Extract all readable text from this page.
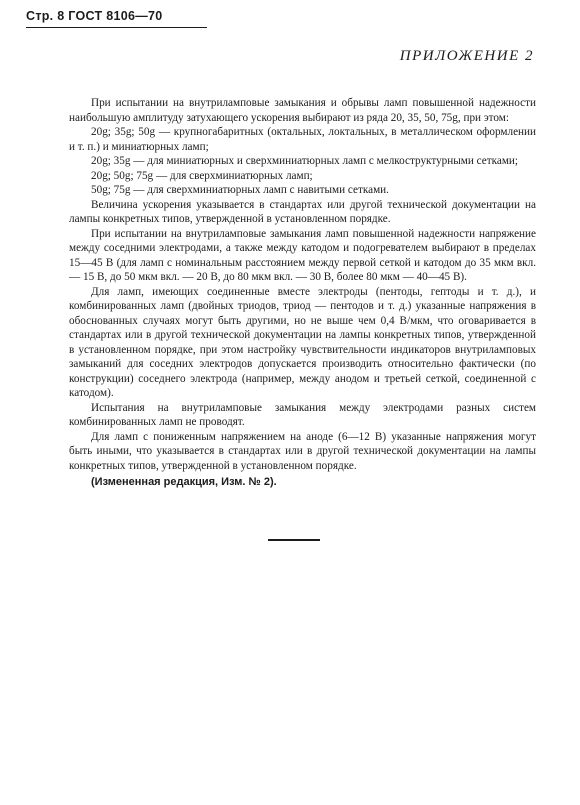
Стр. 8 ГОСТ 8106—70
ПРИЛОЖЕНИЕ 2

При испытании на внутриламповые замыкания и обрывы ламп повышенной надежности наибольшую амплитуду затухающего ускорения выбирают из ряда 20, 35, 50, 75g, при этом:

20g; 35g; 50g — крупногабаритных (октальных, локтальных, в металлическом оформлении и т. п.) и миниатюрных ламп;

20g; 35g — для миниатюрных и сверхминиатюрных ламп с мелкоструктурными сетками;

20g; 50g; 75g — для сверхминиатюрных ламп;

50g; 75g — для сверхминиатюрных ламп с навитыми сетками.

Величина ускорения указывается в стандартах или другой технической документации на лампы конкретных типов, утвержденной в установленном порядке.

При испытании на внутриламповые замыкания ламп повышенной надежности напряжение между соседними электродами, а также между катодом и подогревателем выбирают в пределах 15—45 В (для ламп с номинальным расстоянием между первой сеткой и катодом до 35 мкм вкл. — 15 В, до 50 мкм вкл. — 20 В, до 80 мкм вкл. — 30 В, более 80 мкм — 40—45 В).

Для ламп, имеющих соединенные вместе электроды (пентоды, гептоды и т. д.), и комбинированных ламп (двойных триодов, триод — пентодов и т. д.) указанные напряжения в обоснованных случаях могут быть другими, но не выше чем 0,4 В/мкм, что оговаривается в стандартах или в другой технической документации на лампы конкретных типов, утвержденной в установленном порядке, при этом настройку чувствительности индикаторов внутриламповых замыканий для соседних электродов допускается производить относительно фактически (по конструкции) соседнего электрода (например, между анодом и третьей сеткой, соединенной с катодом).

Испытания на внутриламповые замыкания между электродами разных систем комбинированных ламп не проводят.

Для ламп с пониженным напряжением на аноде (6—12 В) указанные напряжения могут быть иными, что указывается в стандартах или в другой технической документации на лампы конкретных типов, утвержденной в установленном порядке.

(Измененная редакция, Изм. № 2).
